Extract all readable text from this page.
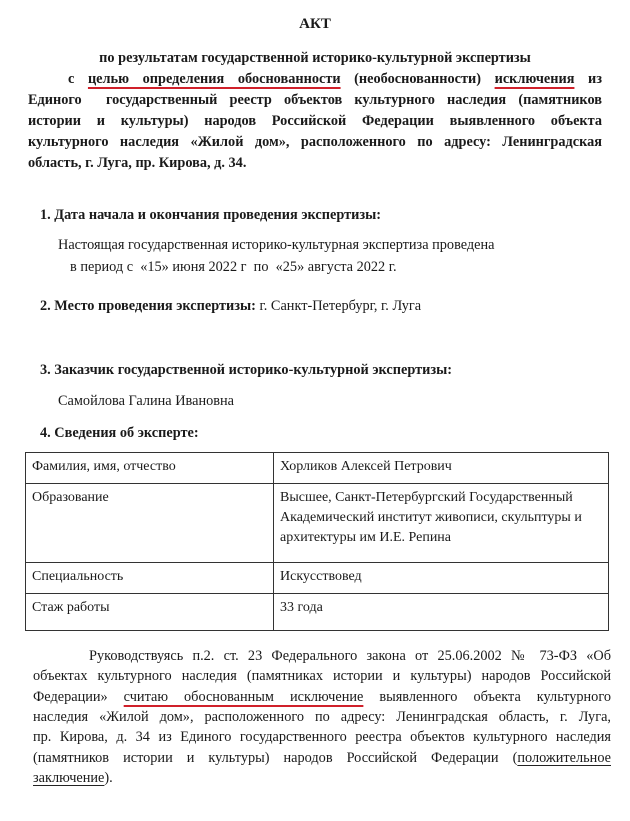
АКТ
по результатам государственной историко-культурной экспертизы
с целью определения обоснованности (необоснованности) исключения из
Единого  государственный реестр объектов культурного наследия (памятников
истории и культуры) народов Российской Федерации выявленного объекта
культурного наследия «Жилой дом», расположенного по адресу: Ленинградская
область, г. Луга, пр. Кирова, д. 34.
1. Дата начала и окончания проведения экспертизы:
Настоящая государственная историко-культурная экспертиза проведена
в период с  «15» июня 2022 г  по  «25» августа 2022 г.
2. Место проведения экспертизы: г. Санкт-Петербург, г. Луга
3. Заказчик государственной историко-культурной экспертизы:
Самойлова Галина Ивановна
4. Сведения об эксперте:
Фамилия, имя, отчество	Хорликов Алексей Петрович
Образование	Высшее, Санкт-Петербургский Государственный Академический институт живописи, скульптуры и архитектуры им И.Е. Репина
Специальность	Искусствовед
Стаж работы	33 года
Руководствуясь п.2. ст. 23 Федерального закона от 25.06.2002 № 73-ФЗ «Об
объектах культурного наследия (памятниках истории и культуры) народов Российской
Федерации» считаю обоснованным исключение выявленного объекта культурного
наследия «Жилой дом», расположенного по адресу: Ленинградская область, г. Луга,
пр. Кирова, д. 34 из Единого государственного реестра объектов культурного наследия
(памятников истории и культуры) народов Российской Федерации (положительное
заключение).
